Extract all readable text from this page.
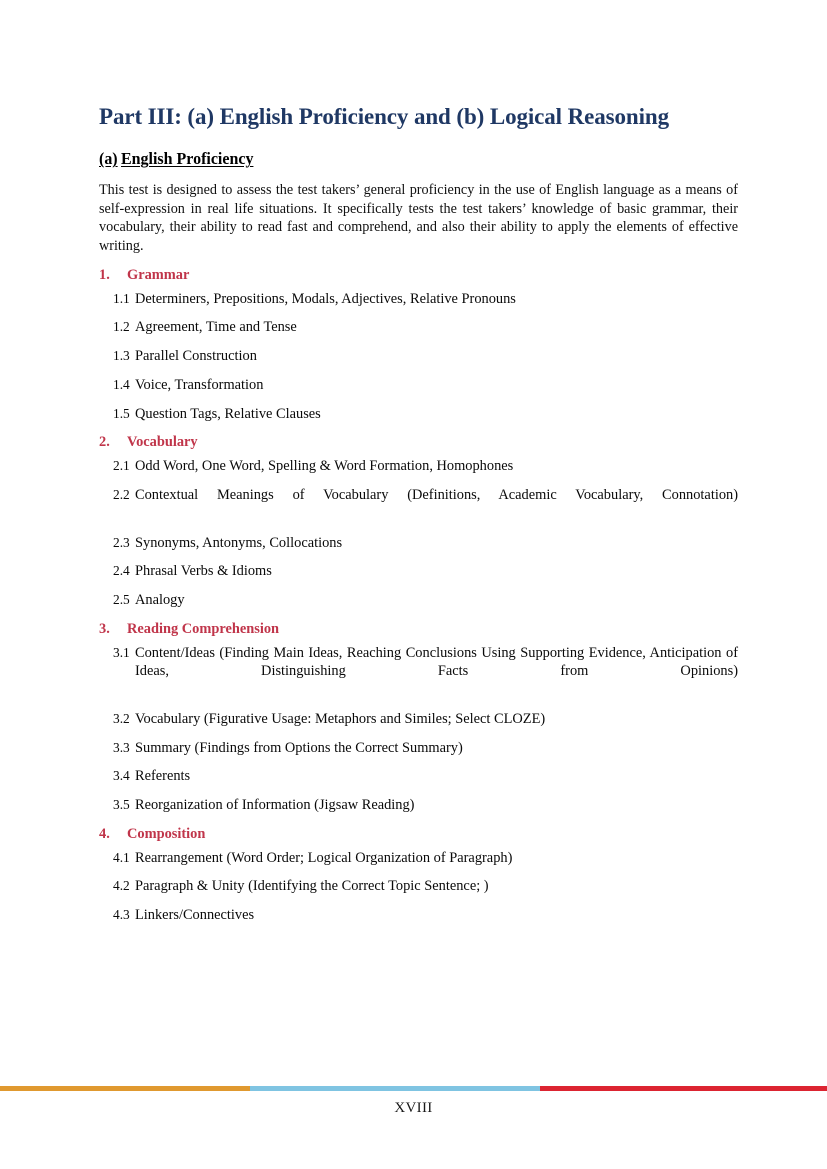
Part III: (a) English Proficiency and (b) Logical Reasoning
(a) English Proficiency

This test is designed to assess the test takers’ general proficiency in the use of English language as a means of self-expression in real life situations. It specifically tests the test takers’ knowledge of basic grammar, their vocabulary, their ability to read fast and comprehend, and also their ability to apply the elements of effective writing.

1.	Grammar
1.1 Determiners, Prepositions, Modals, Adjectives, Relative Pronouns
1.2 Agreement, Time and Tense
1.3 Parallel Construction
1.4 Voice, Transformation
1.5 Question Tags, Relative Clauses
2.	Vocabulary
2.1 Odd Word, One Word, Spelling & Word Formation, Homophones
2.2 Contextual Meanings of Vocabulary (Definitions, Academic Vocabulary, Connotation)
2.3 Synonyms, Antonyms, Collocations
2.4 Phrasal Verbs & Idioms
2.5 Analogy
3.	Reading Comprehension
3.1 Content/Ideas (Finding Main Ideas, Reaching Conclusions Using Supporting Evidence, Anticipation of Ideas, Distinguishing Facts from Opinions)
3.2 Vocabulary (Figurative Usage: Metaphors and Similes; Select CLOZE)
3.3 Summary (Findings from Options the Correct Summary)
3.4 Referents
3.5 Reorganization of Information (Jigsaw Reading)
4.	Composition
4.1 Rearrangement (Word Order; Logical Organization of Paragraph)
4.2 Paragraph & Unity (Identifying the Correct Topic Sentence; )
4.3 Linkers/Connectives
XVIII
